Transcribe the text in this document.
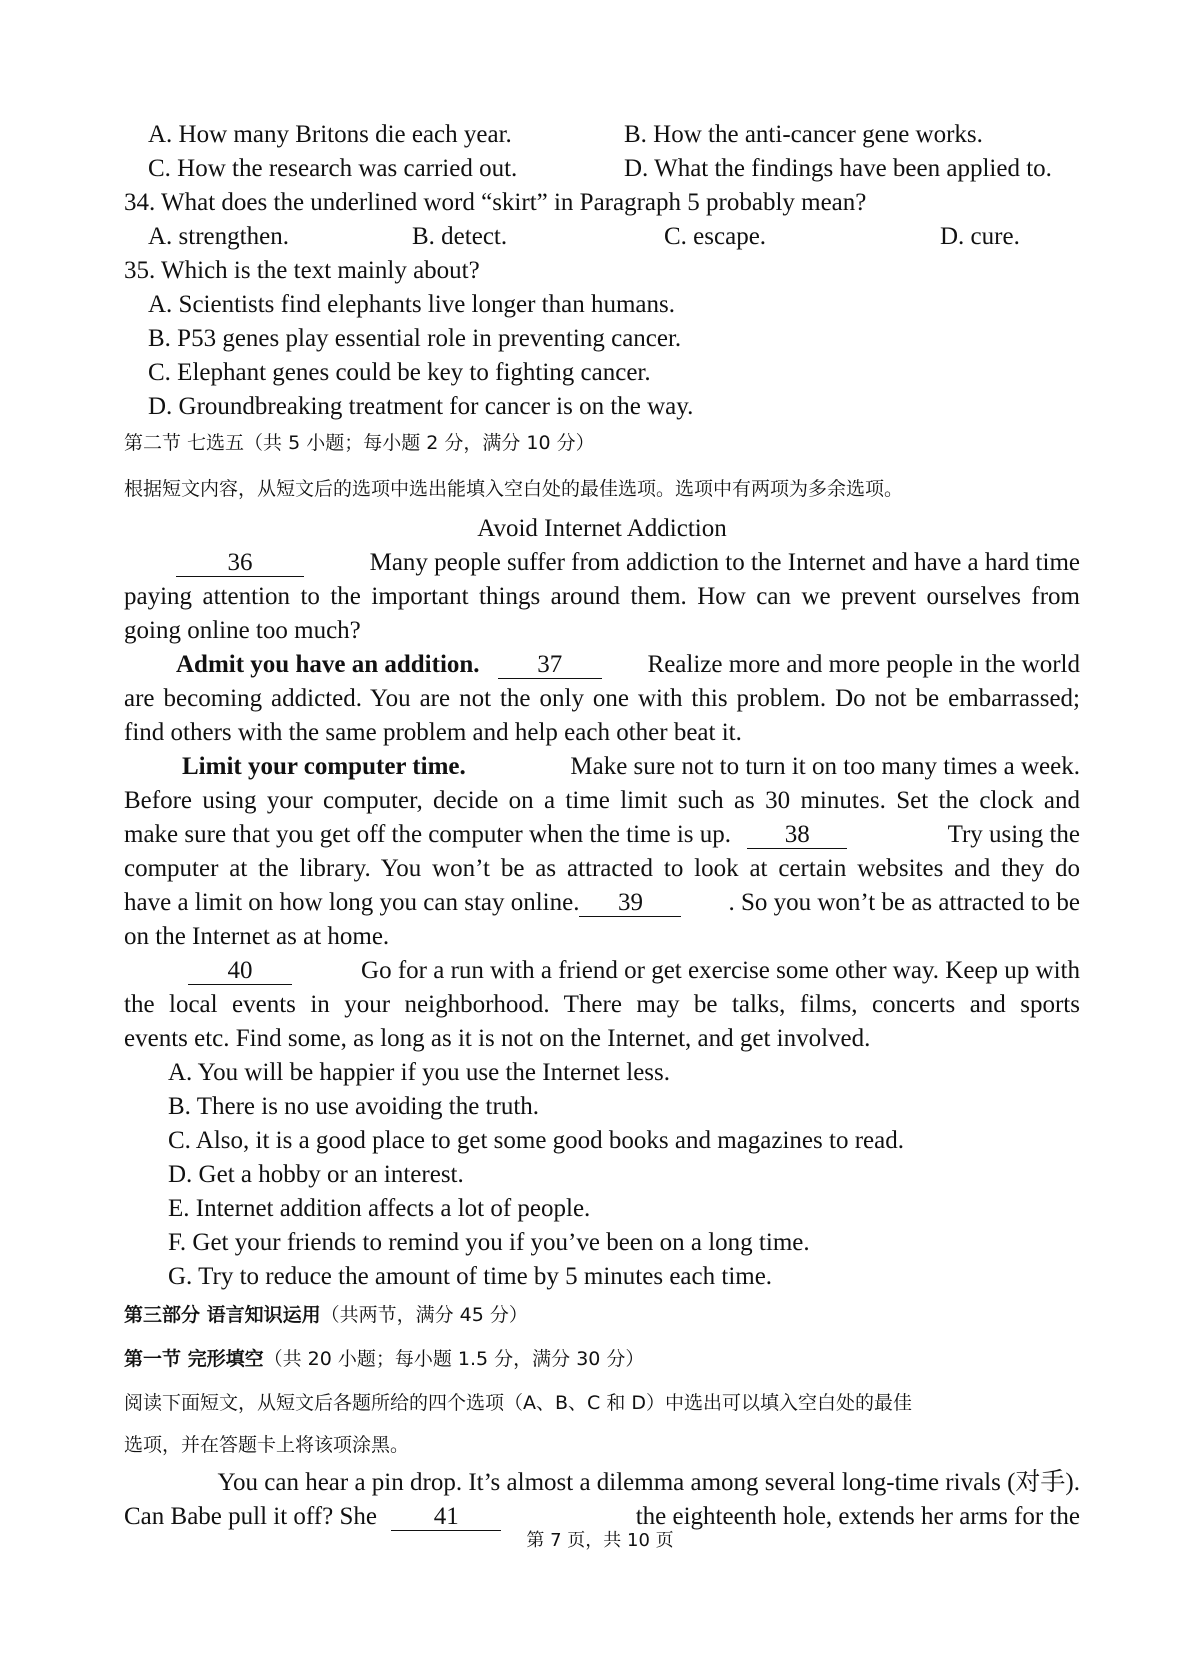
A. How many Britons die each year.	B. How the anti-cancer gene works.
C. How the research was carried out.	D. What the findings have been applied to.
34. What does the underlined word “skirt” in Paragraph 5 probably mean?
A. strengthen.	B. detect.	C. escape.	D. cure.
35. Which is the text mainly about?
A. Scientists find elephants live longer than humans.
B. P53 genes play essential role in preventing cancer.
C. Elephant genes could be key to fighting cancer.
D. Groundbreaking treatment for cancer is on the way.
第二节 七选五（共 5 小题；每小题 2 分，满分 10 分）
根据短文内容，从短文后的选项中选出能填入空白处的最佳选项。选项中有两项为多余选项。
Avoid Internet Addiction
36	Many people suffer from addiction to the Internet and have a hard time
paying attention to the important things around them. How can we prevent ourselves from
going online too much?
Admit you have an addition. 37	Realize more and more people in the world
are becoming addicted. You are not the only one with this problem. Do not be embarrassed;
find others with the same problem and help each other beat it.
Limit your computer time.	Make sure not to turn it on too many times a week.
Before using your computer, decide on a time limit such as 30 minutes. Set the clock and
make sure that you get off the computer when the time is up. 38	Try using the
computer at the library. You won’t be as attracted to look at certain websites and they do
have a limit on how long you can stay online. 39	. So you won’t be as attracted to be
on the Internet as at home.
40	Go for a run with a friend or get exercise some other way. Keep up with
the local events in your neighborhood. There may be talks, films, concerts and sports
events etc. Find some, as long as it is not on the Internet, and get involved.
A. You will be happier if you use the Internet less.
B. There is no use avoiding the truth.
C. Also, it is a good place to get some good books and magazines to read.
D. Get a hobby or an interest.
E. Internet addition affects a lot of people.
F. Get your friends to remind you if you’ve been on a long time.
G. Try to reduce the amount of time by 5 minutes each time.
第三部分 语言知识运用（共两节，满分 45 分）
第一节 完形填空（共 20 小题；每小题 1.5 分，满分 30 分）
阅读下面短文，从短文后各题所给的四个选项（A、B、C 和 D）中选出可以填入空白处的最佳
选项，并在答题卡上将该项涂黑。
You can hear a pin drop. It’s almost a dilemma among several long-time rivals (对手).
Can Babe pull it off? She 41	the eighteenth hole, extends her arms for the
第 7 页，共 10 页
